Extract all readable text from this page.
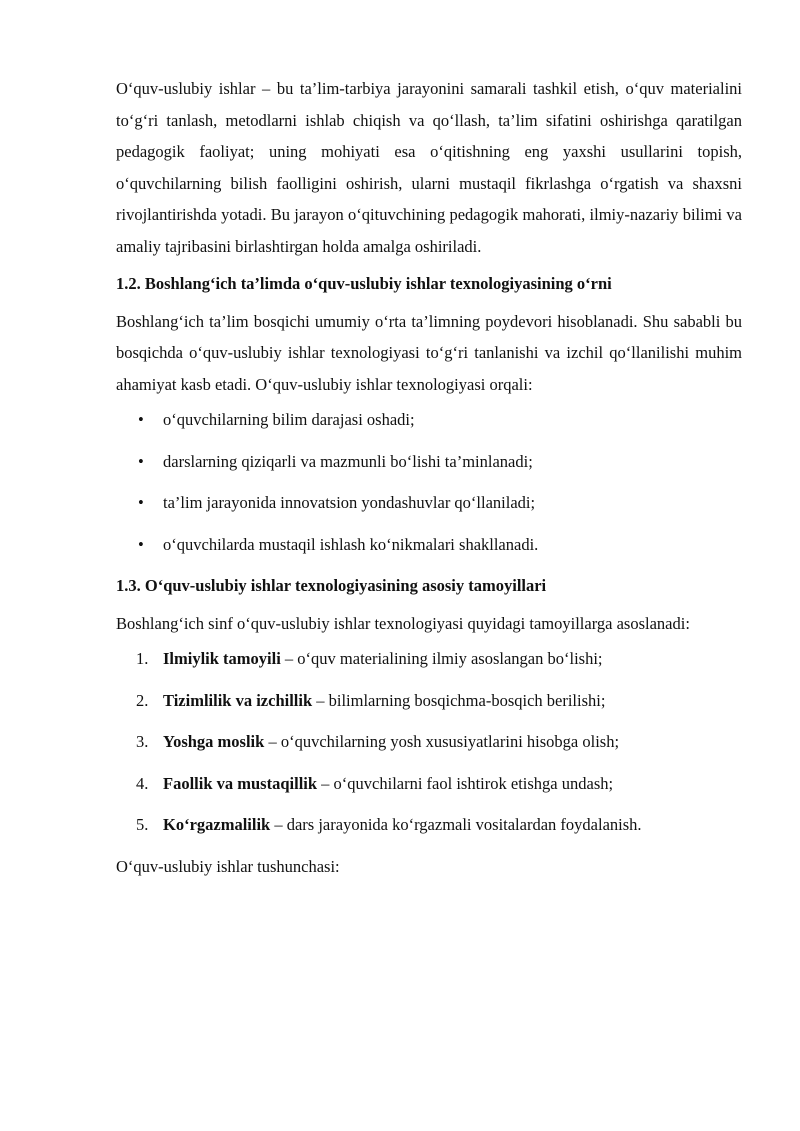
O‘quv-uslubiy ishlar – bu ta’lim-tarbiya jarayonini samarali tashkil etish, o‘quv materialini to‘g‘ri tanlash, metodlarni ishlab chiqish va qo‘llash, ta’lim sifatini oshirishga qaratilgan pedagogik faoliyat; uning mohiyati esa o‘qitishning eng yaxshi usullarini topish, o‘quvchilarning bilish faolligini oshirish, ularni mustaqil fikrlashga o‘rgatish va shaxsni rivojlantirishda yotadi. Bu jarayon o‘qituvchining pedagogik mahorati, ilmiy-nazariy bilimi va amaliy tajribasini birlashtirgan holda amalga oshiriladi.

1.2. Boshlang‘ich ta’limda o‘quv-uslubiy ishlar texnologiyasining o‘rni

Boshlang‘ich ta’lim bosqichi umumiy o‘rta ta’limning poydevori hisoblanadi. Shu sababli bu bosqichda o‘quv-uslubiy ishlar texnologiyasi to‘g‘ri tanlanishi va izchil qo‘llanilishi muhim ahamiyat kasb etadi. O‘quv-uslubiy ishlar texnologiyasi orqali:

• o‘quvchilarning bilim darajasi oshadi;
• darslarning qiziqarli va mazmunli bo‘lishi ta’minlanadi;
• ta’lim jarayonida innovatsion yondashuvlar qo‘llaniladi;
• o‘quvchilarda mustaqil ishlash ko‘nikmalari shakllanadi.

1.3. O‘quv-uslubiy ishlar texnologiyasining asosiy tamoyillari

Boshlang‘ich sinf o‘quv-uslubiy ishlar texnologiyasi quyidagi tamoyillarga asoslanadi:

1. Ilmiylik tamoyili – o‘quv materialining ilmiy asoslangan bo‘lishi;
2. Tizimlilik va izchillik – bilimlarning bosqichma-bosqich berilishi;
3. Yoshga moslik – o‘quvchilarning yosh xususiyatlarini hisobga olish;
4. Faollik va mustaqillik – o‘quvchilarni faol ishtirok etishga undash;
5. Ko‘rgazmalilik – dars jarayonida ko‘rgazmali vositalardan foydalanish.

O‘quv-uslubiy ishlar tushunchasi:
